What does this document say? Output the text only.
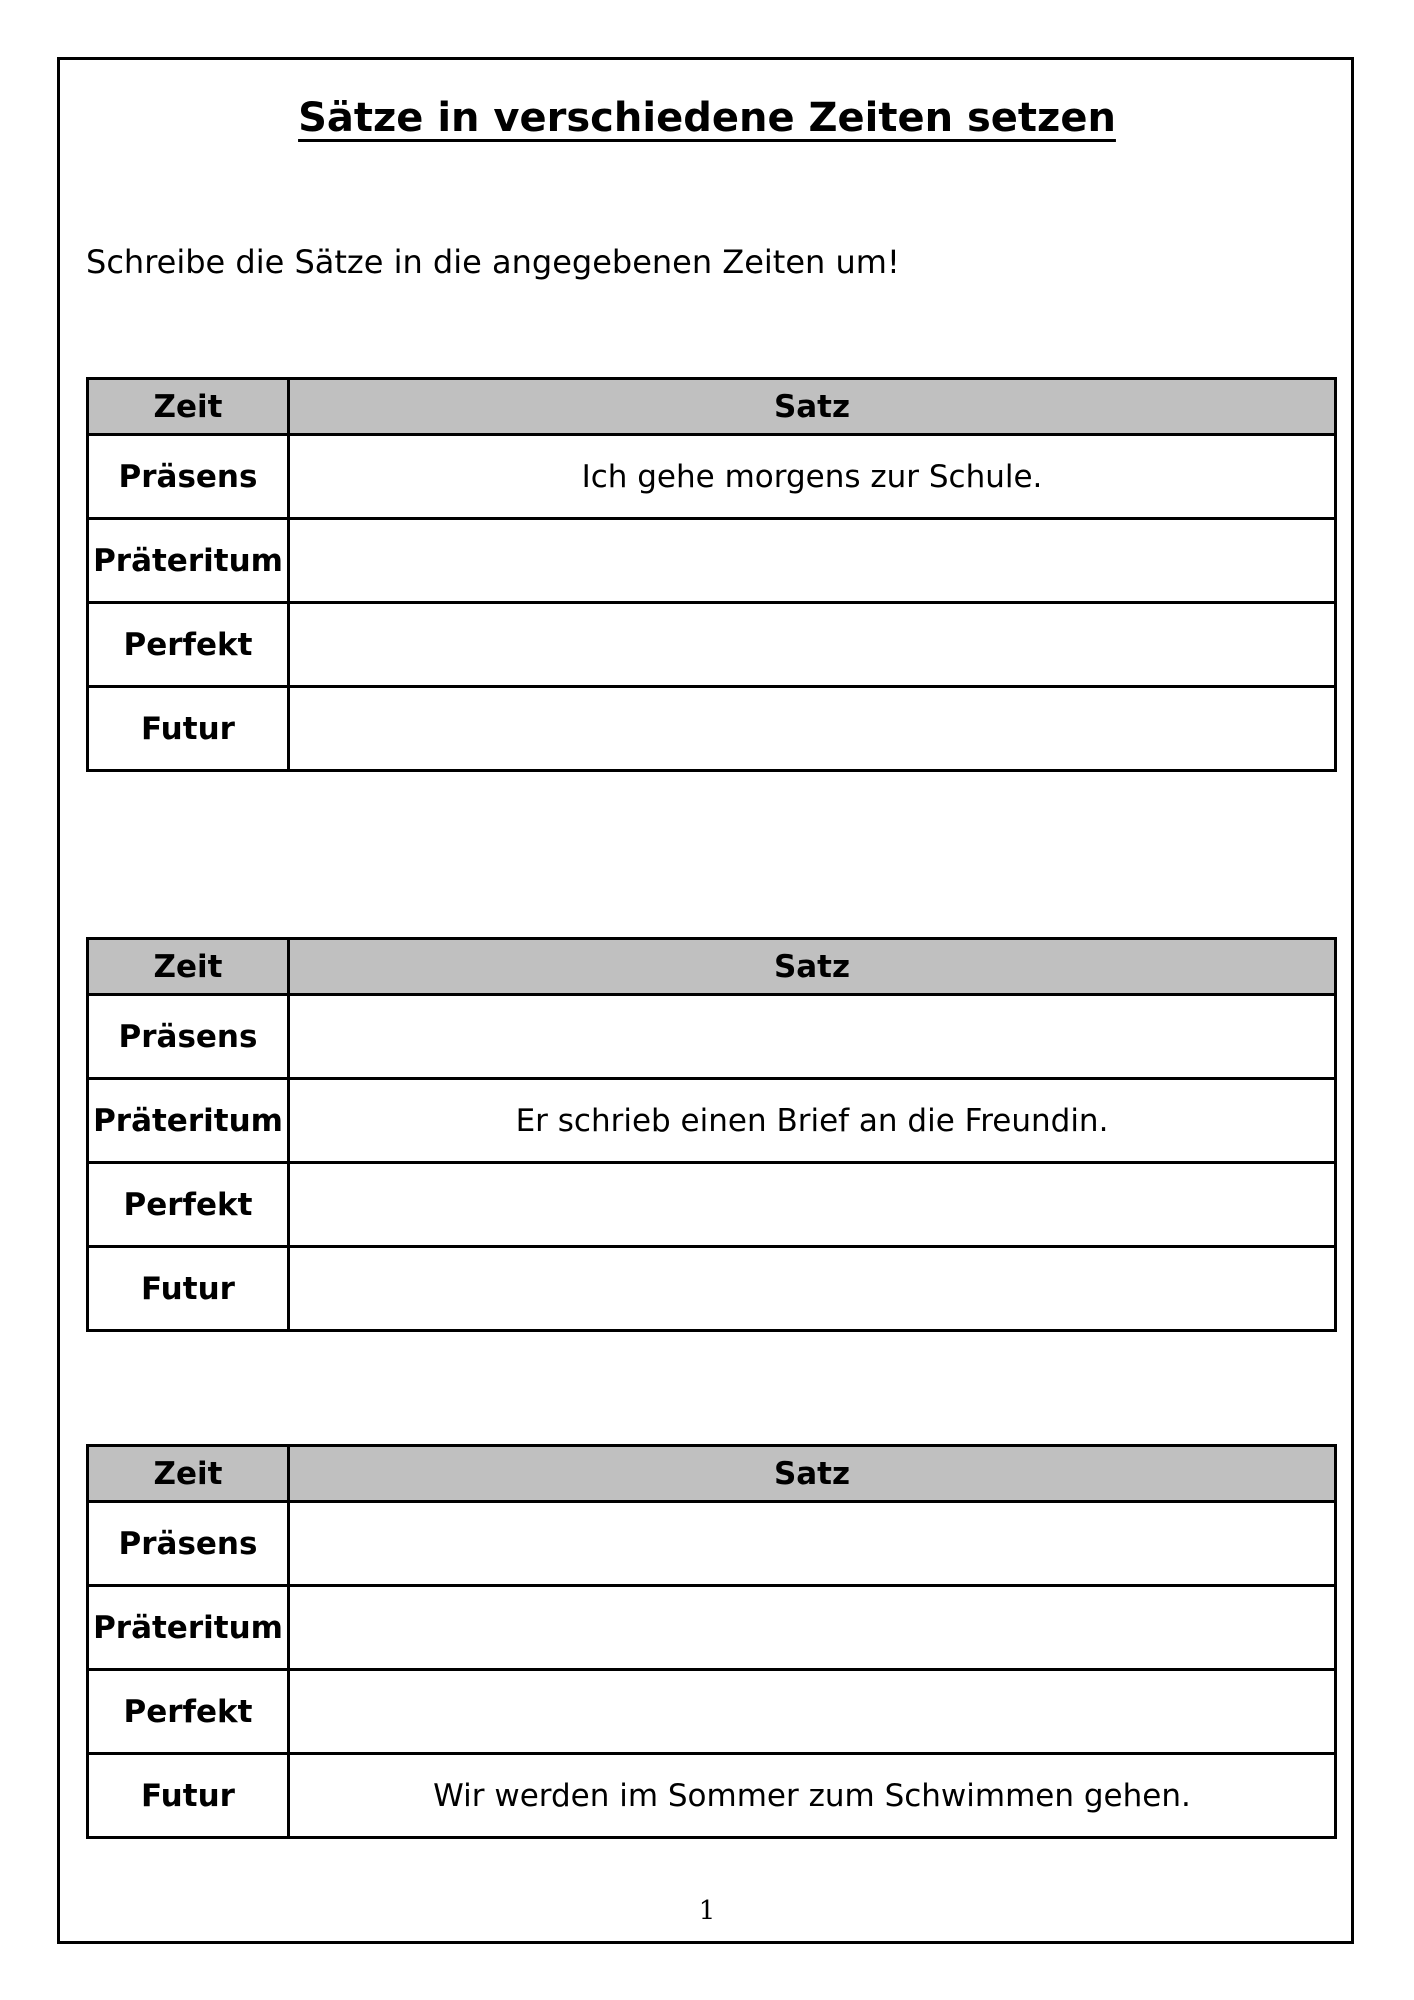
Sätze in verschiedene Zeiten setzen
Schreibe die Sätze in die angegebenen Zeiten um!
Zeit	Satz
Präsens	Ich gehe morgens zur Schule.
Präteritum	
Perfekt	
Futur	
Zeit	Satz
Präsens	
Präteritum	Er schrieb einen Brief an die Freundin.
Perfekt	
Futur	
Zeit	Satz
Präsens	
Präteritum	
Perfekt	
Futur	Wir werden im Sommer zum Schwimmen gehen.
1
